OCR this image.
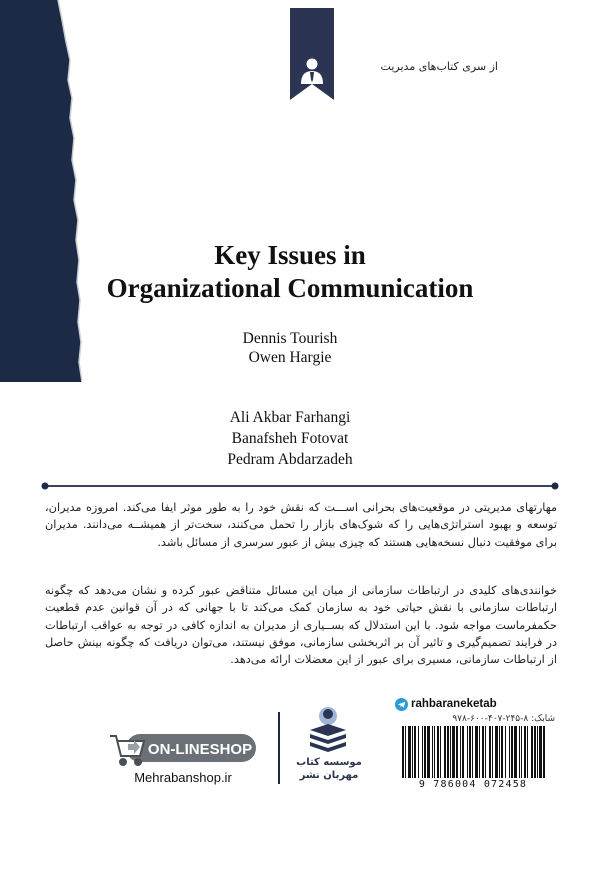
از سری کتاب‌های مدیریت
Key Issues in
Organizational Communication
Dennis Tourish
Owen Hargie
Ali Akbar Farhangi
Banafsheh Fotovat
Pedram Abdarzadeh
مهارتهای مدیریتی در موقعیت‌های بحرانی اســـت که نقش خود را به طور موثر ایفا می‌کند. امروزه مدیران، توسعه و بهبود استراتژی‌هایی را که شوک‌های بازار را تحمل می‌کنند، سخت‌تر از همیشــه می‌دانند. مدیران برای موفقیت دنبال نسخه‌هایی هستند که چیزی بیش از عبور سرسری از مسائل باشد.
خوانندی‌های کلیدی در ارتباطات سازمانی از میان این مسائل متناقض عبور کرده و نشان می‌دهد که چگونه ارتباطات سازمانی با نقش حیاتی خود به سازمان کمک می‌کند تا با جهانی که در آن قوانین عدم قطعیت حکمفرماست مواجه شود. با این استدلال که بســیاری از مدیران به اندازه کافی در توجه به عواقب ارتباطات در فرایند تصمیم‌گیری و تاثیر آن بر اثربخشی سازمانی، موفق نیستند، می‌توان دریافت که چگونه بینش حاصل از ارتباطات سازمانی، مسیری برای عبور از این معضلات ارائه می‌دهد.
ON-LINESHOP
Mehrabanshop.ir
موسسه کتاب
مهربان نشر
rahbaraneketab
شابک: ۸-۲۴۵-۴۰۷-۶۰۰-۹۷۸
9 786004 072458
